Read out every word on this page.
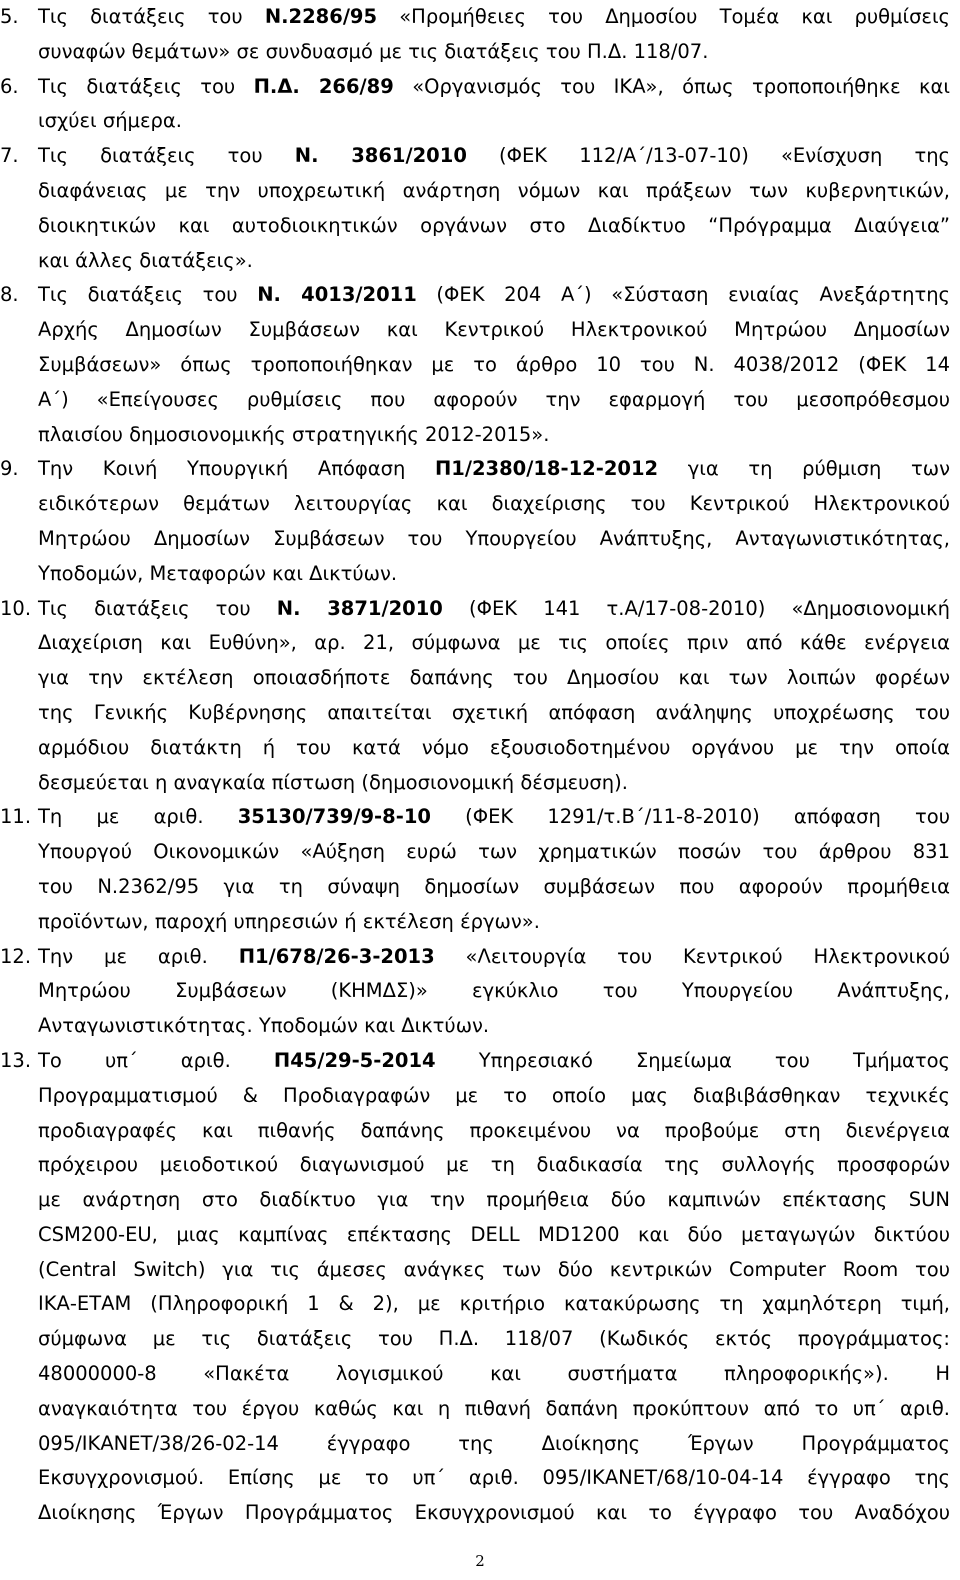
5. Τις διατάξεις του Ν.2286/95 «Προμήθειες του Δημοσίου Τομέα και ρυθμίσεις
συναφών θεμάτων» σε συνδυασμό με τις διατάξεις του Π.Δ. 118/07.
6. Τις διατάξεις του Π.Δ. 266/89 «Οργανισμός του ΙΚΑ», όπως τροποποιήθηκε και
ισχύει σήμερα.
7. Τις διατάξεις του Ν. 3861/2010 (ΦΕΚ 112/Α΄/13-07-10) «Ενίσχυση της
διαφάνειας με την υποχρεωτική ανάρτηση νόμων και πράξεων των κυβερνητικών,
διοικητικών και αυτοδιοικητικών οργάνων στο Διαδίκτυο “Πρόγραμμα Διαύγεια”
και άλλες διατάξεις».
8. Τις διατάξεις του Ν. 4013/2011 (ΦΕΚ 204 Α΄) «Σύσταση ενιαίας Ανεξάρτητης
Αρχής Δημοσίων Συμβάσεων και Κεντρικού Ηλεκτρονικού Μητρώου Δημοσίων
Συμβάσεων» όπως τροποποιήθηκαν με το άρθρο 10 του Ν. 4038/2012 (ΦΕΚ 14
Α΄) «Επείγουσες ρυθμίσεις που αφορούν την εφαρμογή του μεσοπρόθεσμου
πλαισίου δημοσιονομικής στρατηγικής 2012-2015».
9. Την Κοινή Υπουργική Απόφαση Π1/2380/18-12-2012 για τη ρύθμιση των
ειδικότερων θεμάτων λειτουργίας και διαχείρισης του Κεντρικού Ηλεκτρονικού
Μητρώου Δημοσίων Συμβάσεων του Υπουργείου Ανάπτυξης, Ανταγωνιστικότητας,
Υποδομών, Μεταφορών και Δικτύων.
10. Τις διατάξεις του Ν. 3871/2010 (ΦΕΚ 141 τ.Α/17-08-2010) «Δημοσιονομική
Διαχείριση και Ευθύνη», αρ. 21, σύμφωνα με τις οποίες πριν από κάθε ενέργεια
για την εκτέλεση οποιασδήποτε δαπάνης του Δημοσίου και των λοιπών φορέων
της Γενικής Κυβέρνησης απαιτείται σχετική απόφαση ανάληψης υποχρέωσης του
αρμόδιου διατάκτη ή του κατά νόμο εξουσιοδοτημένου οργάνου με την οποία
δεσμεύεται η αναγκαία πίστωση (δημοσιονομική δέσμευση).
11. Τη με αριθ. 35130/739/9-8-10 (ΦΕΚ 1291/τ.Β΄/11-8-2010) απόφαση του
Υπουργού Οικονομικών «Αύξηση ευρώ των χρηματικών ποσών του άρθρου 831
του Ν.2362/95 για τη σύναψη δημοσίων συμβάσεων που αφορούν προμήθεια
προϊόντων, παροχή υπηρεσιών ή εκτέλεση έργων».
12. Την με αριθ. Π1/678/26-3-2013 «Λειτουργία του Κεντρικού Ηλεκτρονικού
Μητρώου Συμβάσεων (ΚΗΜΔΣ)» εγκύκλιο του Υπουργείου Ανάπτυξης,
Ανταγωνιστικότητας. Υποδομών και Δικτύων.
13. Το υπ΄ αριθ. Π45/29-5-2014 Υπηρεσιακό Σημείωμα του Τμήματος
Προγραμματισμού & Προδιαγραφών με το οποίο μας διαβιβάσθηκαν τεχνικές
προδιαγραφές και πιθανής δαπάνης προκειμένου να προβούμε στη διενέργεια
πρόχειρου μειοδοτικού διαγωνισμού με τη διαδικασία της συλλογής προσφορών
με ανάρτηση στο διαδίκτυο για την προμήθεια δύο καμπινών επέκτασης SUN
CSM200-EU, μιας καμπίνας επέκτασης DELL MD1200 και δύο μεταγωγών δικτύου
(Central Switch) για τις άμεσες ανάγκες των δύο κεντρικών Computer Room του
ΙΚΑ-ΕΤΑΜ (Πληροφορική 1 & 2), με κριτήριο κατακύρωσης τη χαμηλότερη τιμή,
σύμφωνα με τις διατάξεις του Π.Δ. 118/07 (Κωδικός εκτός προγράμματος:
48000000-8 «Πακέτα λογισμικού και συστήματα πληροφορικής»). Η
αναγκαιότητα του έργου καθώς και η πιθανή δαπάνη προκύπτουν από το υπ΄ αριθ.
095/ΙΚΑΝΕΤ/38/26-02-14 έγγραφο της Διοίκησης Έργων Προγράμματος
Εκσυγχρονισμού. Επίσης με το υπ΄ αριθ. 095/ΙΚΑΝΕΤ/68/10-04-14 έγγραφο της
Διοίκησης Έργων Προγράμματος Εκσυγχρονισμού και το έγγραφο του Αναδόχου
2
